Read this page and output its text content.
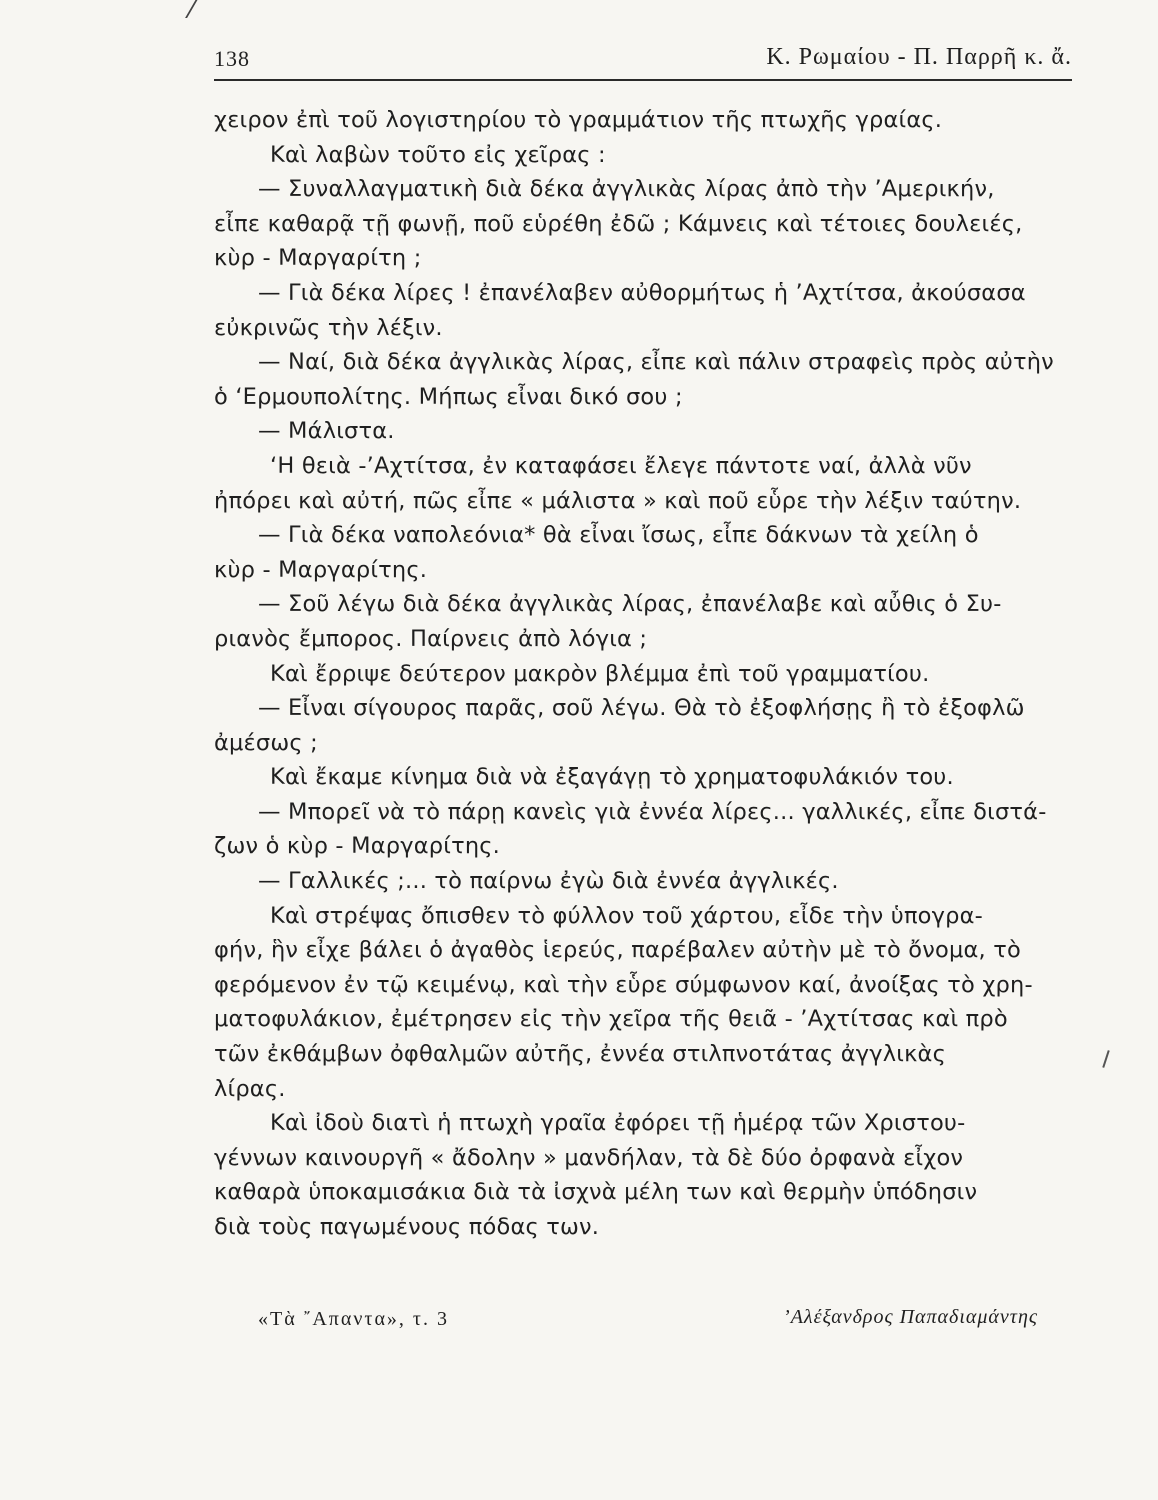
138	Κ. Ρωμαίου - Π. Παρρῆ κ. ἄ.
χειρον ἐπὶ τοῦ λογιστηρίου τὸ γραμμάτιον τῆς πτωχῆς γραίας.
Καὶ λαβὼν τοῦτο εἰς χεῖρας :
— Συναλλαγματικὴ διὰ δέκα ἀγγλικὰς λίρας ἀπὸ τὴν ’Αμερικήν,
εἶπε καθαρᾷ τῇ φωνῇ, ποῦ εὑρέθη ἐδῶ ; Κάμνεις καὶ τέτοιες δουλειές,
κὺρ - Μαργαρίτη ;
— Γιὰ δέκα λίρες ! ἐπανέλαβεν αὐθορμήτως ἡ ’Αχτίτσα, ἀκούσασα
εὐκρινῶς τὴν λέξιν.
— Ναί, διὰ δέκα ἀγγλικὰς λίρας, εἶπε καὶ πάλιν στραφεὶς πρὸς αὐτὴν
ὁ ‘Ερμουπολίτης. Μήπως εἶναι δικό σου ;
— Μάλιστα.
‘Η θειὰ -’Αχτίτσα, ἐν καταφάσει ἔλεγε πάντοτε ναί, ἀλλὰ νῦν
ἠπόρει καὶ αὐτή, πῶς εἶπε « μάλιστα » καὶ ποῦ εὗρε τὴν λέξιν ταύτην.
— Γιὰ δέκα ναπολεόνια* θὰ εἶναι ἴσως, εἶπε δάκνων τὰ χείλη ὁ
κὺρ - Μαργαρίτης.
— Σοῦ λέγω διὰ δέκα ἀγγλικὰς λίρας, ἐπανέλαβε καὶ αὖθις ὁ Συ-
ριανὸς ἔμπορος. Παίρνεις ἀπὸ λόγια ;
Καὶ ἔρριψε δεύτερον μακρὸν βλέμμα ἐπὶ τοῦ γραμματίου.
— Εἶναι σίγουρος παρᾶς, σοῦ λέγω. Θὰ τὸ ἐξοφλήσῃς ἢ τὸ ἐξοφλῶ
ἀμέσως ;
Καὶ ἔκαμε κίνημα διὰ νὰ ἐξαγάγῃ τὸ χρηματοφυλάκιόν του.
— Μπορεῖ νὰ τὸ πάρῃ κανεὶς γιὰ ἐννέα λίρες... γαλλικές, εἶπε διστά-
ζων ὁ κὺρ - Μαργαρίτης.
— Γαλλικές ;... τὸ παίρνω ἐγὼ διὰ ἐννέα ἀγγλικές.
Καὶ στρέψας ὄπισθεν τὸ φύλλον τοῦ χάρτου, εἶδε τὴν ὑπογρα-
φήν, ἣν εἶχε βάλει ὁ ἀγαθὸς ἱερεύς, παρέβαλεν αὐτὴν μὲ τὸ ὄνομα, τὸ
φερόμενον ἐν τῷ κειμένῳ, καὶ τὴν εὗρε σύμφωνον καί, ἀνοίξας τὸ χρη-
ματοφυλάκιον, ἐμέτρησεν εἰς τὴν χεῖρα τῆς θειᾶ - ’Αχτίτσας καὶ πρὸ
τῶν ἐκθάμβων ὀφθαλμῶν αὐτῆς, ἐννέα στιλπνοτάτας ἀγγλικὰς
λίρας.
Καὶ ἰδοὺ διατὶ ἡ πτωχὴ γραῖα ἐφόρει τῇ ἡμέρᾳ τῶν Χριστου-
γέννων καινουργῆ « ἄδολην » μανδήλαν, τὰ δὲ δύο ὀρφανὰ εἶχον
καθαρὰ ὑποκαμισάκια διὰ τὰ ἰσχνὰ μέλη των καὶ θερμὴν ὑπόδησιν
διὰ τοὺς παγωμένους πόδας των.
«Τὰ ῎Απαντα», τ. 3	’Αλέξανδρος Παπαδιαμάντης
